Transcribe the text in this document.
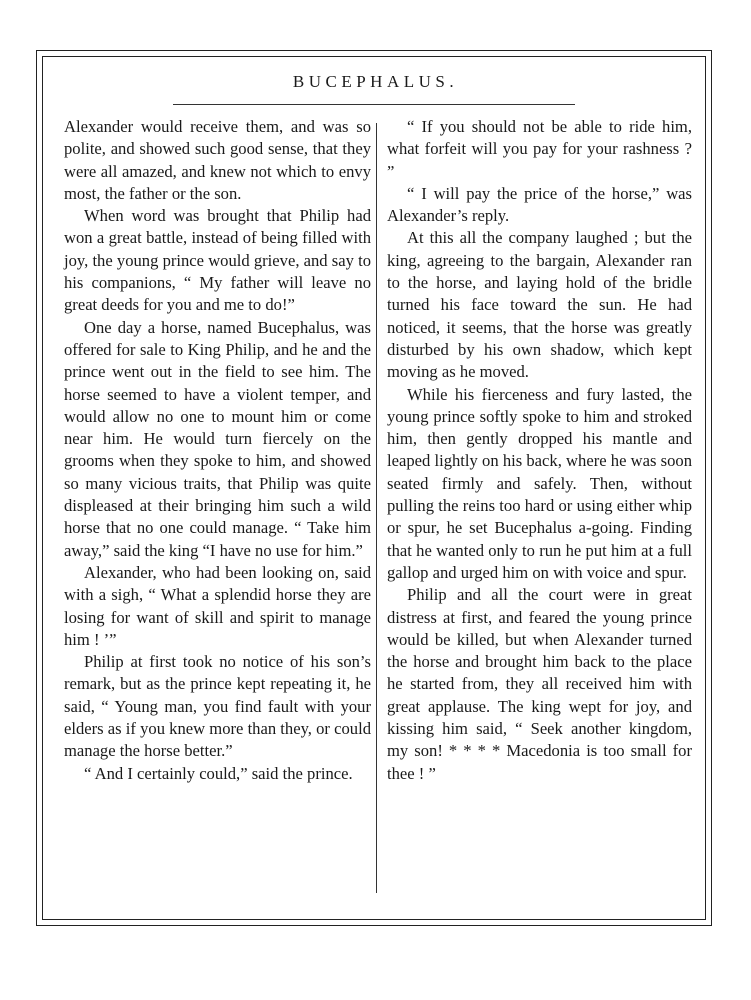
BUCEPHALUS.

Alexander would receive them, and was so polite, and showed such good sense, that they were all amazed, and knew not which to envy most, the father or the son.

When word was brought that Philip had won a great battle, instead of being filled with joy, the young prince would grieve, and say to his companions, “ My father will leave no great deeds for you and me to do!”

One day a horse, named Bucephalus, was offered for sale to King Philip, and he and the prince went out in the field to see him. The horse seemed to have a violent temper, and would allow no one to mount him or come near him. He would turn fiercely on the grooms when they spoke to him, and showed so many vicious traits, that Philip was quite displeased at their bringing him such a wild horse that no one could manage. “ Take him away,” said the king “I have no use for him.”

Alexander, who had been looking on, said with a sigh, “ What a splendid horse they are losing for want of skill and spirit to manage him ! ’”

Philip at first took no notice of his son’s remark, but as the prince kept repeating it, he said, “ Young man, you find fault with your elders as if you knew more than they, or could manage the horse better.”

“ And I certainly could,” said the prince.

“ If you should not be able to ride him, what forfeit will you pay for your rashness ? ”

“ I will pay the price of the horse,” was Alexander’s reply.

At this all the company laughed ; but the king, agreeing to the bargain, Alexander ran to the horse, and laying hold of the bridle turned his face toward the sun. He had noticed, it seems, that the horse was greatly disturbed by his own shadow, which kept moving as he moved.

While his fierceness and fury lasted, the young prince softly spoke to him and stroked him, then gently dropped his mantle and leaped lightly on his back, where he was soon seated firmly and safely. Then, without pulling the reins too hard or using either whip or spur, he set Bucephalus a-going. Finding that he wanted only to run he put him at a full gallop and urged him on with voice and spur.

Philip and all the court were in great distress at first, and feared the young prince would be killed, but when Alexander turned the horse and brought him back to the place he started from, they all received him with great applause. The king wept for joy, and kissing him said, “ Seek another kingdom, my son! * * * * Macedonia is too small for thee ! ”
